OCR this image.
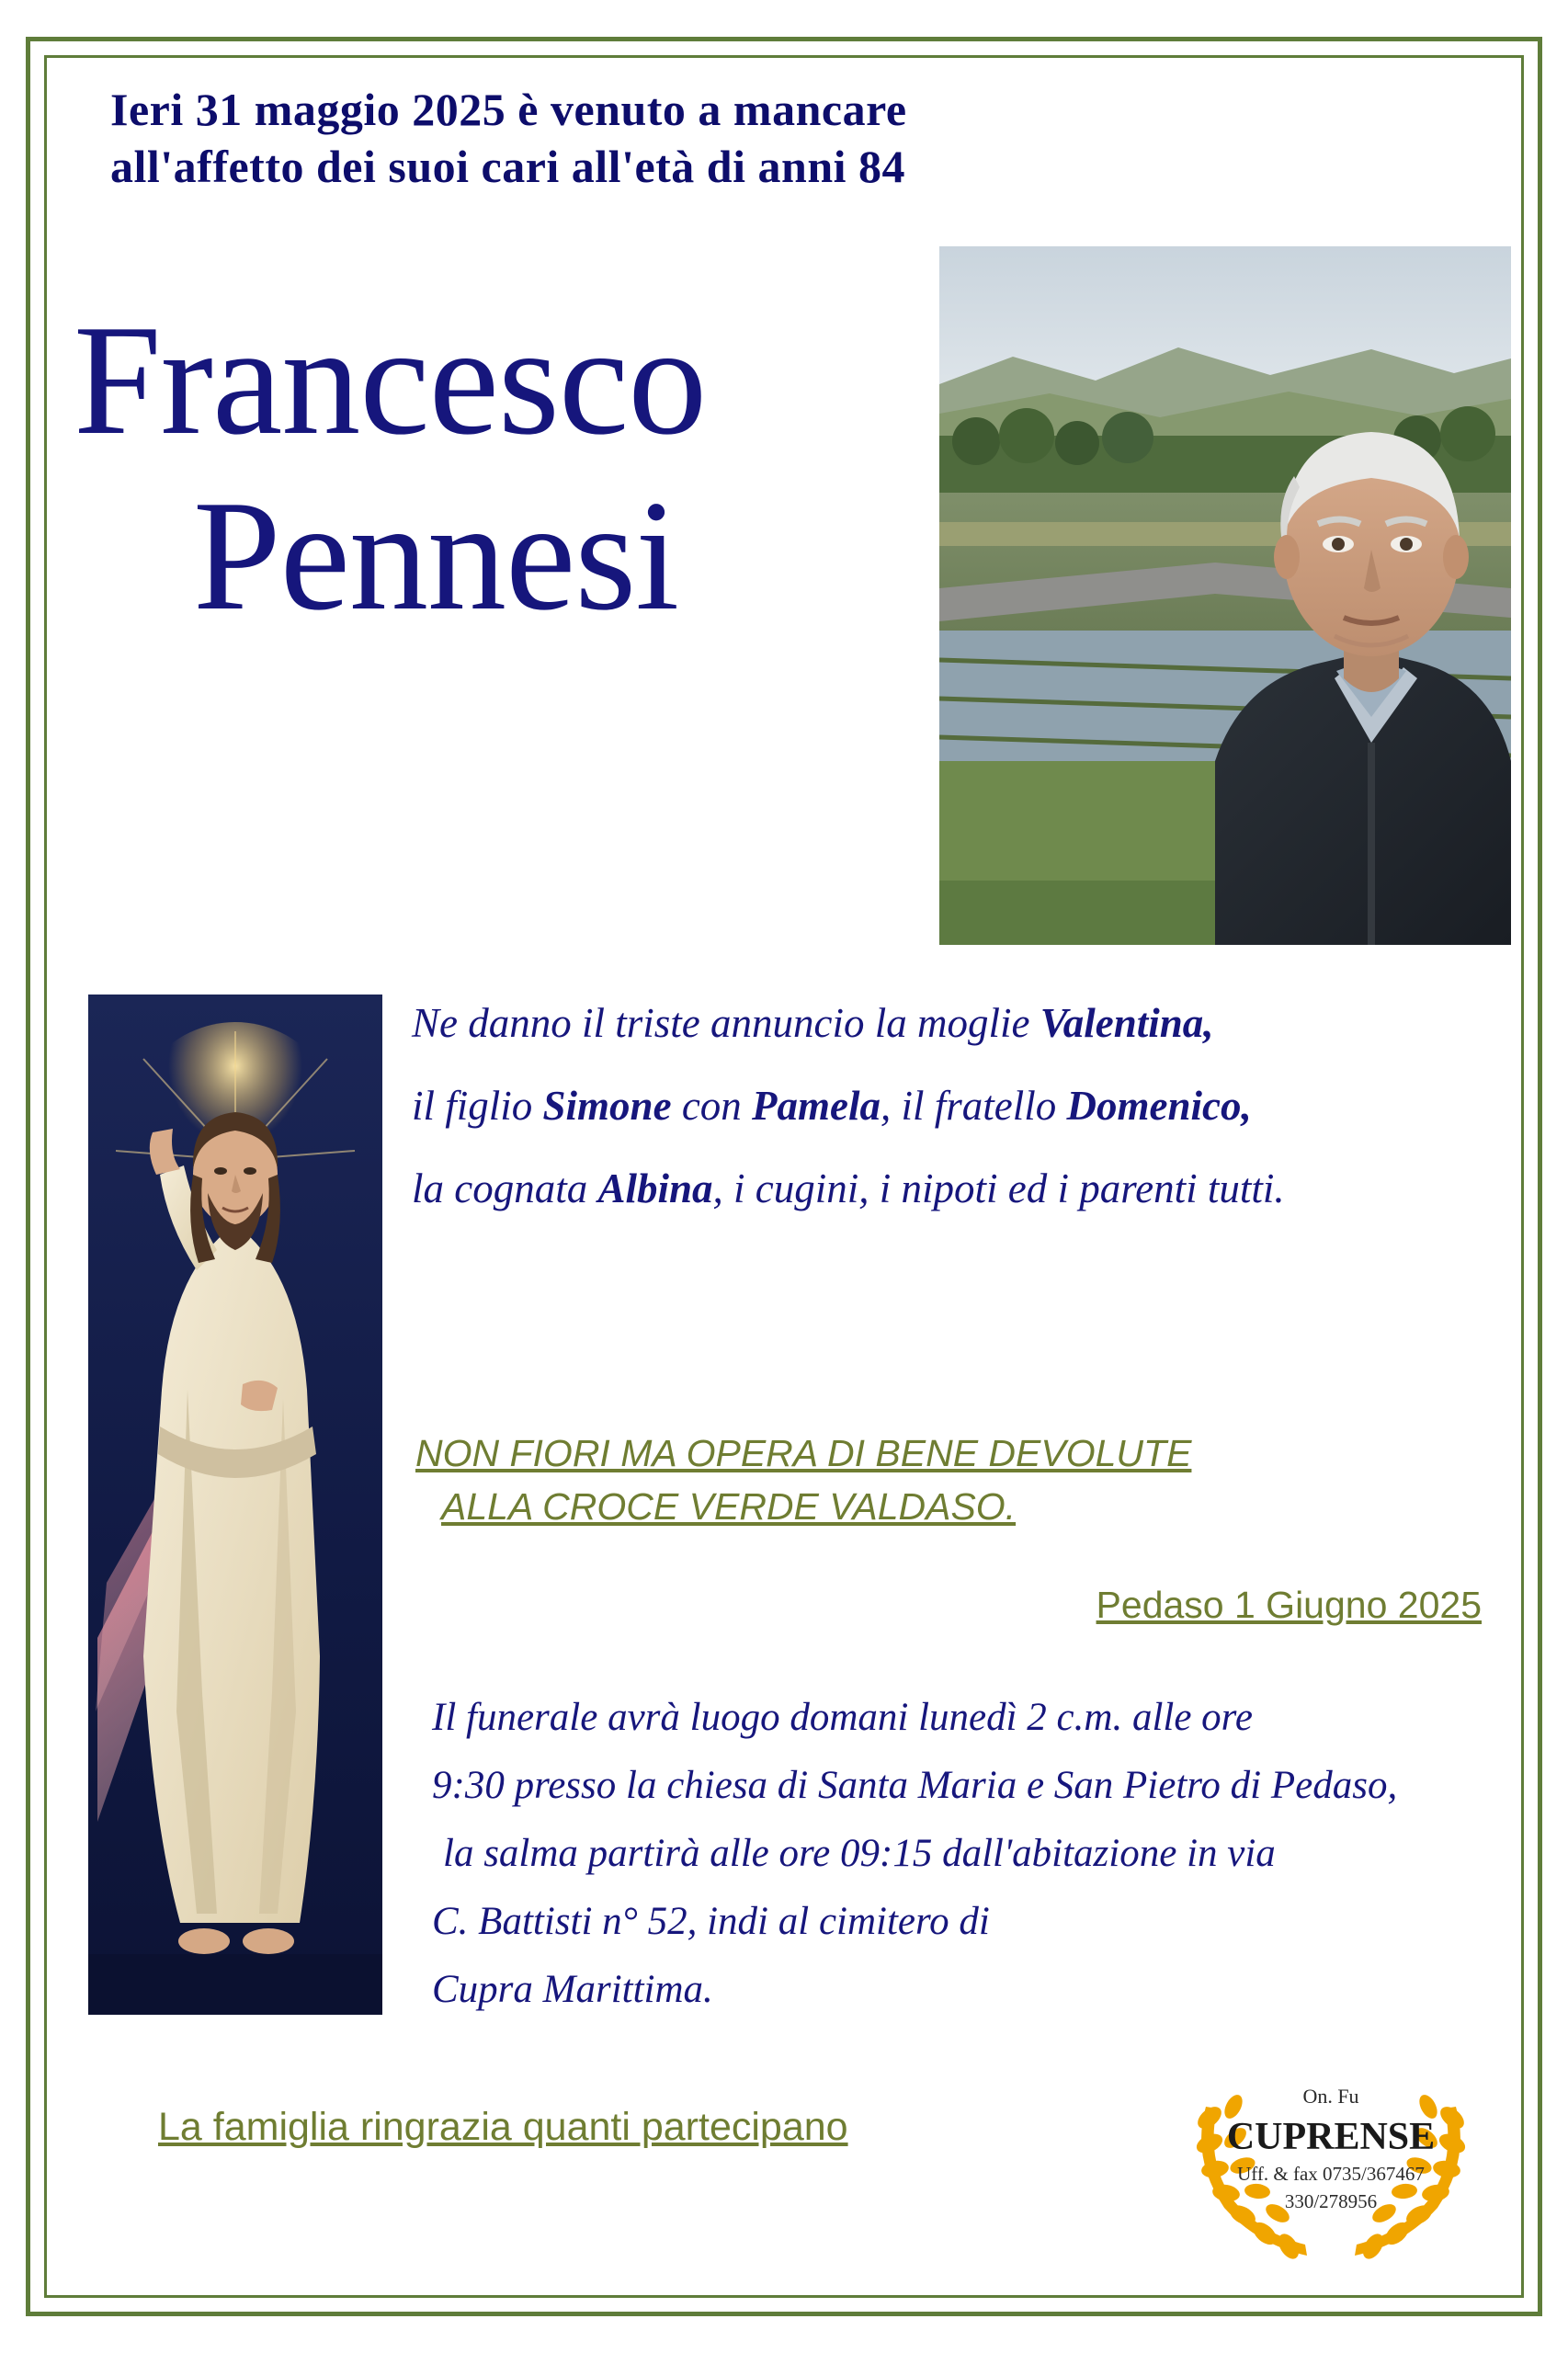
Ieri 31 maggio 2025 è venuto a mancare
all'affetto dei suoi cari all'età di anni 84
Francesco
Pennesi
Ne danno il triste annuncio la moglie Valentina,
il figlio Simone con Pamela, il fratello Domenico,
la cognata Albina, i cugini, i nipoti ed i parenti tutti.
NON FIORI MA OPERA DI BENE DEVOLUTE
ALLA CROCE VERDE VALDASO.
Pedaso 1 Giugno 2025
Il funerale avrà luogo domani lunedì 2 c.m. alle ore
9:30 presso la chiesa di Santa Maria e San Pietro di Pedaso,
la salma partirà alle ore 09:15 dall'abitazione in via
C. Battisti n° 52, indi al cimitero di
Cupra Marittima.
La famiglia ringrazia quanti partecipano
On. Fu
CUPRENSE
Uff. & fax 0735/367467
330/278956
